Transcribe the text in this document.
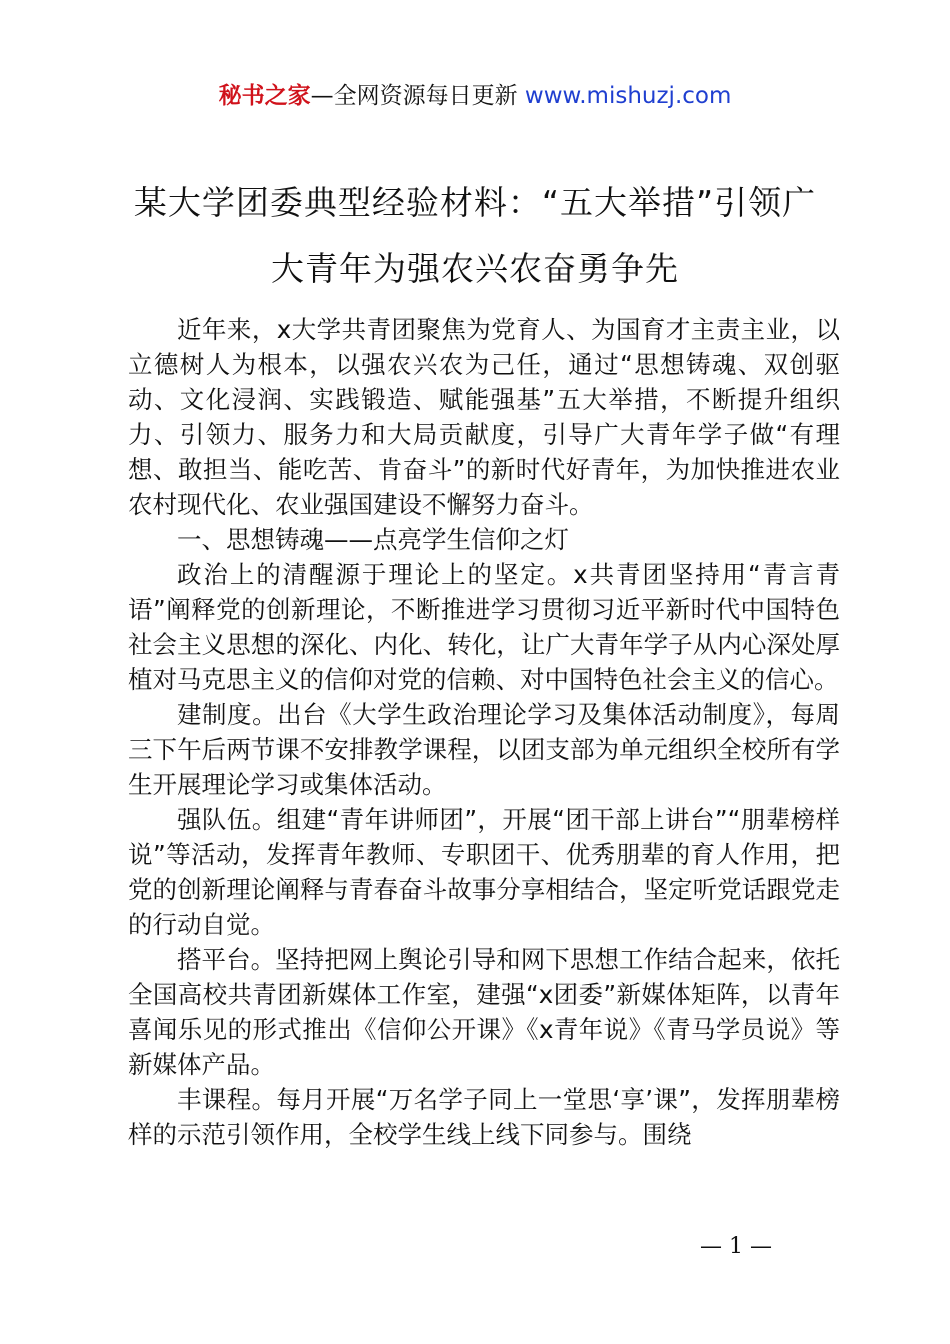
秘书之家—全网资源每日更新 www.mishuzj.com
某大学团委典型经验材料：“五大举措”引领广大青年为强农兴农奋勇争先

近年来，x大学共青团聚焦为党育人、为国育才主责主业，以立德树人为根本，以强农兴农为己任，通过“思想铸魂、双创驱动、文化浸润、实践锻造、赋能强基”五大举措，不断提升组织力、引领力、服务力和大局贡献度，引导广大青年学子做“有理想、敢担当、能吃苦、肯奋斗”的新时代好青年，为加快推进农业农村现代化、农业强国建设不懈努力奋斗。

一、思想铸魂——点亮学生信仰之灯

政治上的清醒源于理论上的坚定。x共青团坚持用“青言青语”阐释党的创新理论，不断推进学习贯彻习近平新时代中国特色社会主义思想的深化、内化、转化，让广大青年学子从内心深处厚植对马克思主义的信仰对党的信赖、对中国特色社会主义的信心。

建制度。出台《大学生政治理论学习及集体活动制度》，每周三下午后两节课不安排教学课程，以团支部为单元组织全校所有学生开展理论学习或集体活动。

强队伍。组建“青年讲师团”，开展“团干部上讲台”“朋辈榜样说”等活动，发挥青年教师、专职团干、优秀朋辈的育人作用，把党的创新理论阐释与青春奋斗故事分享相结合，坚定听党话跟党走的行动自觉。

搭平台。坚持把网上舆论引导和网下思想工作结合起来，依托全国高校共青团新媒体工作室，建强“x团委”新媒体矩阵，以青年喜闻乐见的形式推出《信仰公开课》《x青年说》《青马学员说》等新媒体产品。

丰课程。每月开展“万名学子同上一堂思‘享’课”，发挥朋辈榜样的示范引领作用，全校学生线上线下同参与。围绕

— 1 —
